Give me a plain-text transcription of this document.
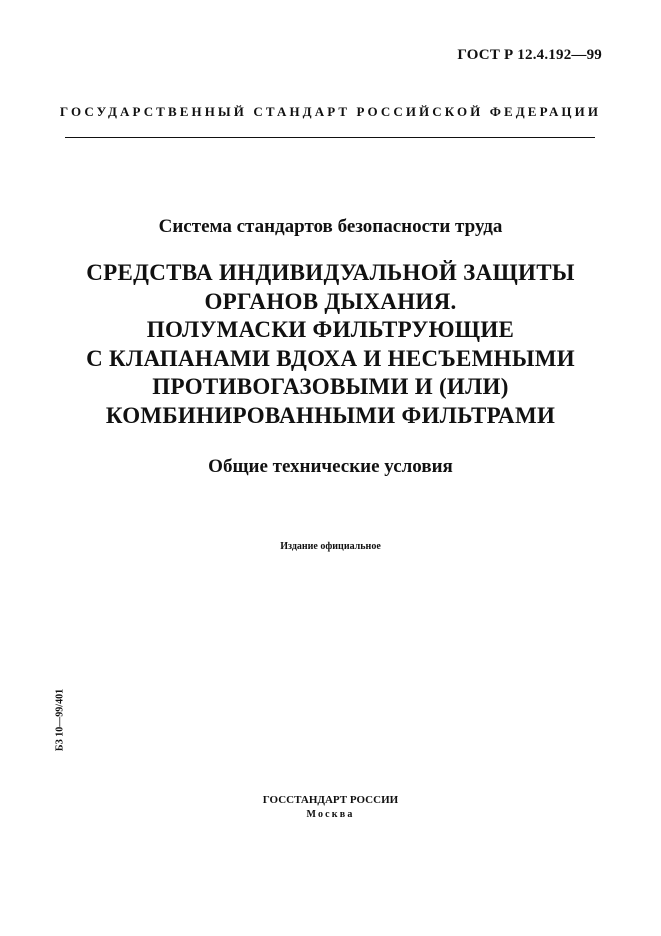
ГОСТ Р 12.4.192—99
ГОСУДАРСТВЕННЫЙ СТАНДАРТ РОССИЙСКОЙ ФЕДЕРАЦИИ
Система стандартов безопасности труда
СРЕДСТВА ИНДИВИДУАЛЬНОЙ ЗАЩИТЫ
ОРГАНОВ ДЫХАНИЯ.
ПОЛУМАСКИ ФИЛЬТРУЮЩИЕ
С КЛАПАНАМИ ВДОХА И НЕСЪЕМНЫМИ
ПРОТИВОГАЗОВЫМИ И (ИЛИ)
КОМБИНИРОВАННЫМИ ФИЛЬТРАМИ
Общие технические условия
Издание официальное
БЗ 10—99/401
ГОССТАНДАРТ РОССИИ
Москва
